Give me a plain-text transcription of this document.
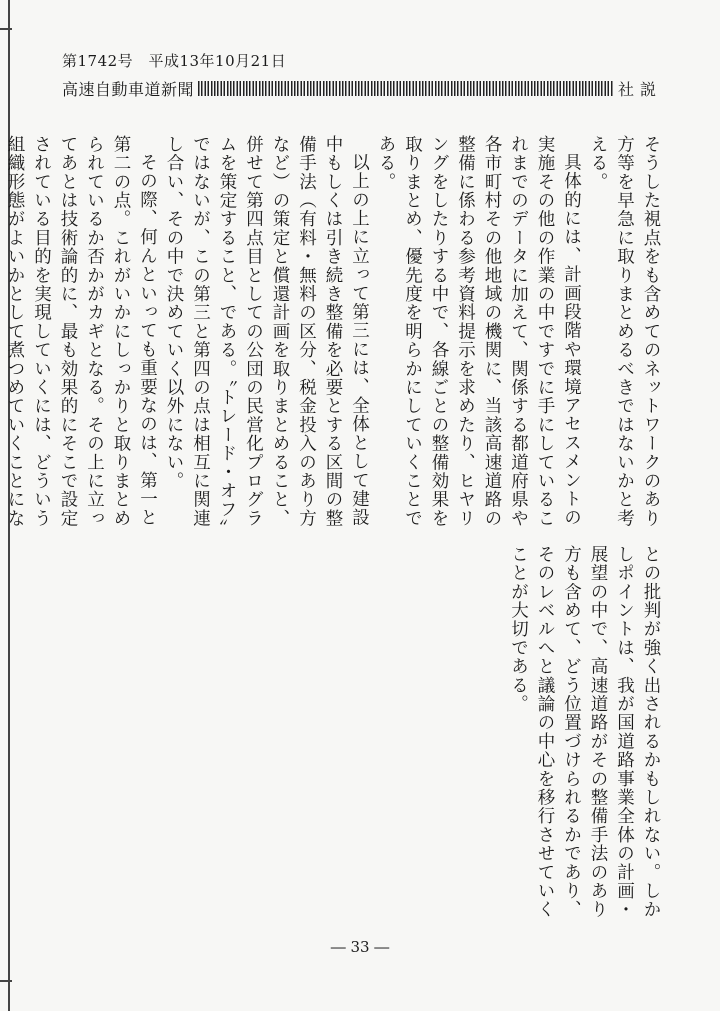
第1742号 平成13年10月21日
高速自動車道新聞	社説

そうした視点をも含めてのネットワークのあり方等を早急に取りまとめるべきではないかと考える。

具体的には、計画段階や環境アセスメントの実施その他の作業の中ですでに手にしているこれまでのデータに加えて、関係する都道府県や各市町村その他地域の機関に、当該高速道路の整備に係わる参考資料提示を求めたり、ヒヤリングをしたりする中で、各線ごとの整備効果を取りまとめ、優先度を明らかにしていくことである。

以上の上に立って第三には、全体として建設中もしくは引き続き整備を必要とする区間の整備手法（有料・無料の区分、税金投入のあり方など）の策定と償還計画を取りまとめること、併せて第四点目としての公団の民営化プログラムを策定すること、である。〝トレード・オフ〟ではないが、この第三と第四の点は相互に関連し合い、その中で決めていく以外にない。

その際、何んといっても重要なのは、第一と第二の点。これがいかにしっかりと取りまとめられているか否かがカギとなる。その上に立ってあとは技術論的に、最も効果的にそこで設定されている目的を実現していくには、どういう組織形態がよいかとして煮つめていくことにな

との批判が強く出されるかもしれない。しかしポイントは、我が国道路事業全体の計画・展望の中で、高速道路がその整備手法のあり方も含めて、どう位置づけられるかであり、そのレベルへと議論の中心を移行させていくことが大切である。

― 33 ―
